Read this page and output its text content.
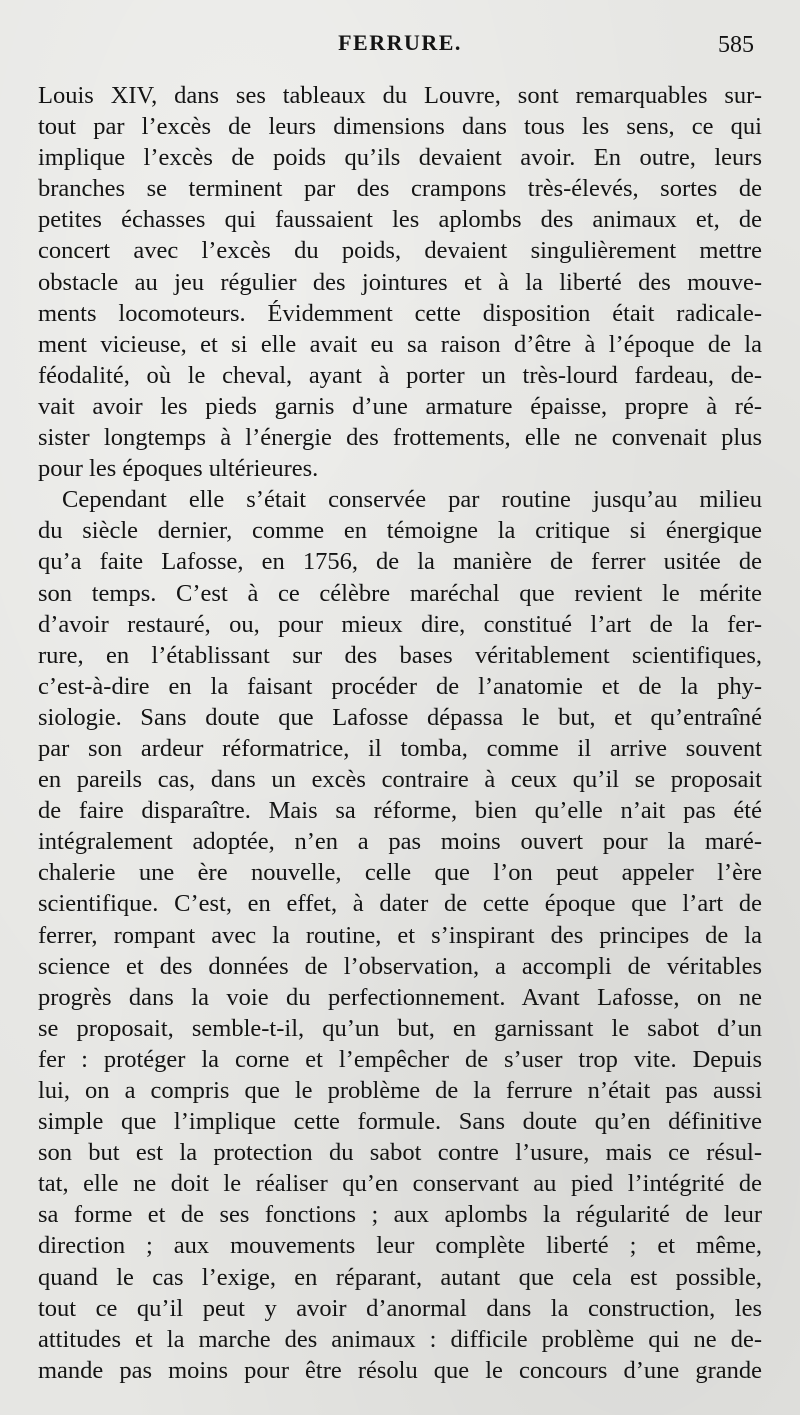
FERRURE.	585
Louis XIV, dans ses tableaux du Louvre, sont remarquables sur-
tout par l’excès de leurs dimensions dans tous les sens, ce qui
implique l’excès de poids qu’ils devaient avoir. En outre, leurs
branches se terminent par des crampons très-élevés, sortes de
petites échasses qui faussaient les aplombs des animaux et, de
concert avec l’excès du poids, devaient singulièrement mettre
obstacle au jeu régulier des jointures et à la liberté des mouve-
ments locomoteurs. Évidemment cette disposition était radicale-
ment vicieuse, et si elle avait eu sa raison d’être à l’époque de la
féodalité, où le cheval, ayant à porter un très-lourd fardeau, de-
vait avoir les pieds garnis d’une armature épaisse, propre à ré-
sister longtemps à l’énergie des frottements, elle ne convenait plus
pour les époques ultérieures.
Cependant elle s’était conservée par routine jusqu’au milieu
du siècle dernier, comme en témoigne la critique si énergique
qu’a faite Lafosse, en 1756, de la manière de ferrer usitée de
son temps. C’est à ce célèbre maréchal que revient le mérite
d’avoir restauré, ou, pour mieux dire, constitué l’art de la fer-
rure, en l’établissant sur des bases véritablement scientifiques,
c’est-à-dire en la faisant procéder de l’anatomie et de la phy-
siologie. Sans doute que Lafosse dépassa le but, et qu’entraîné
par son ardeur réformatrice, il tomba, comme il arrive souvent
en pareils cas, dans un excès contraire à ceux qu’il se proposait
de faire disparaître. Mais sa réforme, bien qu’elle n’ait pas été
intégralement adoptée, n’en a pas moins ouvert pour la maré-
chalerie une ère nouvelle, celle que l’on peut appeler l’ère
scientifique. C’est, en effet, à dater de cette époque que l’art de
ferrer, rompant avec la routine, et s’inspirant des principes de la
science et des données de l’observation, a accompli de véritables
progrès dans la voie du perfectionnement. Avant Lafosse, on ne
se proposait, semble-t-il, qu’un but, en garnissant le sabot d’un
fer : protéger la corne et l’empêcher de s’user trop vite. Depuis
lui, on a compris que le problème de la ferrure n’était pas aussi
simple que l’implique cette formule. Sans doute qu’en définitive
son but est la protection du sabot contre l’usure, mais ce résul-
tat, elle ne doit le réaliser qu’en conservant au pied l’intégrité de
sa forme et de ses fonctions ; aux aplombs la régularité de leur
direction ; aux mouvements leur complète liberté ; et même,
quand le cas l’exige, en réparant, autant que cela est possible,
tout ce qu’il peut y avoir d’anormal dans la construction, les
attitudes et la marche des animaux : difficile problème qui ne de-
mande pas moins pour être résolu que le concours d’une grande
